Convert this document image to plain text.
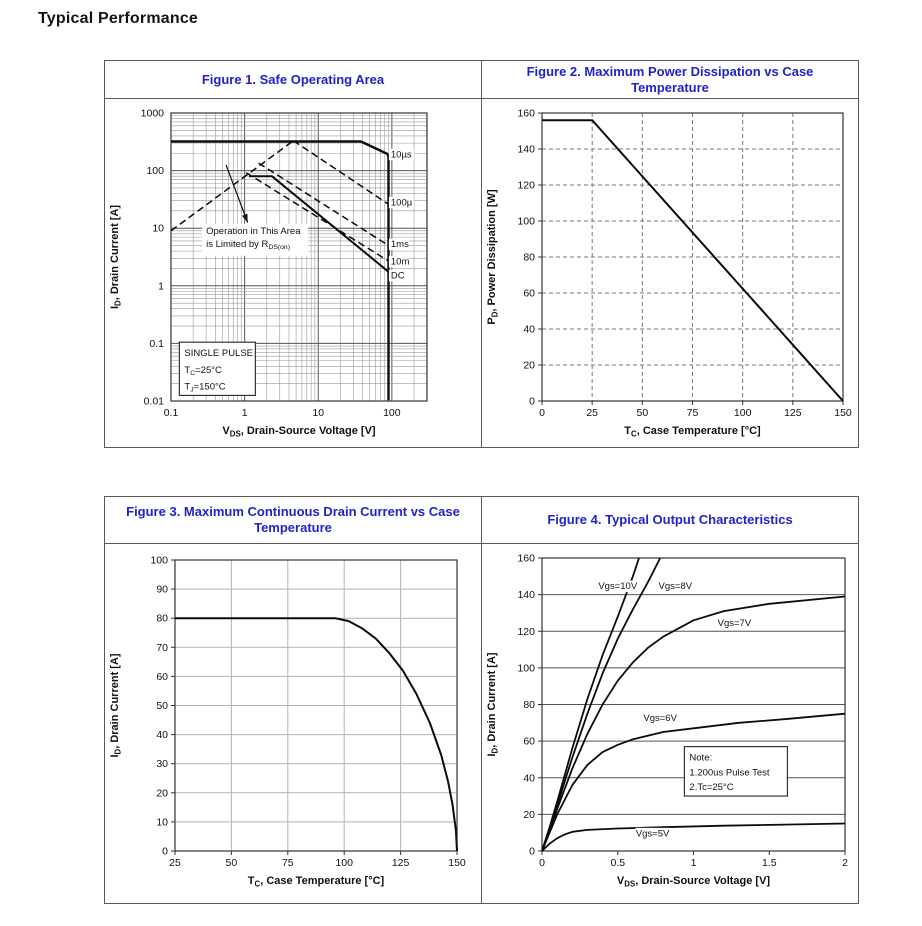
Typical Performance
Figure 1. Safe Operating Area
0.1	1	10	100
0.01
0.1
1
10
100
1000
$V_{DS}$, Drain-Source Voltage [V]
$I_D$, Drain Current [A]	Operation in This Area
is Limited by $R_{DS(on)}$
SINGLE PULSE
$T_C=25^\circ C$
$T_J=150^\circ C$
10µs
100µ
1ms
10m
DC
Figure 2. Maximum Power Dissipation vs Case Temperature
0	25	50	75	100	125	150
0
20
40
60
80
100
120
140
160
$T_C$, Case Temperature [°C]
$P_D$, Power Dissipation [W]
Figure 3. Maximum Continuous Drain Current vs Case Temperature
25	50	75	100	125	150
0
10
20
30
40
50
60
70
80
90
100
$T_C$, Case Temperature [°C]
$I_D$, Drain Current [A]
Figure 4. Typical Output Characteristics
0	0.5	1	1.5	2
0
20
40
60
80
100
120
140
160
$V_{DS}$, Drain-Source Voltage [V]
$I_D$, Drain Current [A]
Note:
1.200us Pulse Test
2.Tc=25°C
Vgs=10V Vgs=8V
Vgs=7V
Vgs=6V
Vgs=5V
